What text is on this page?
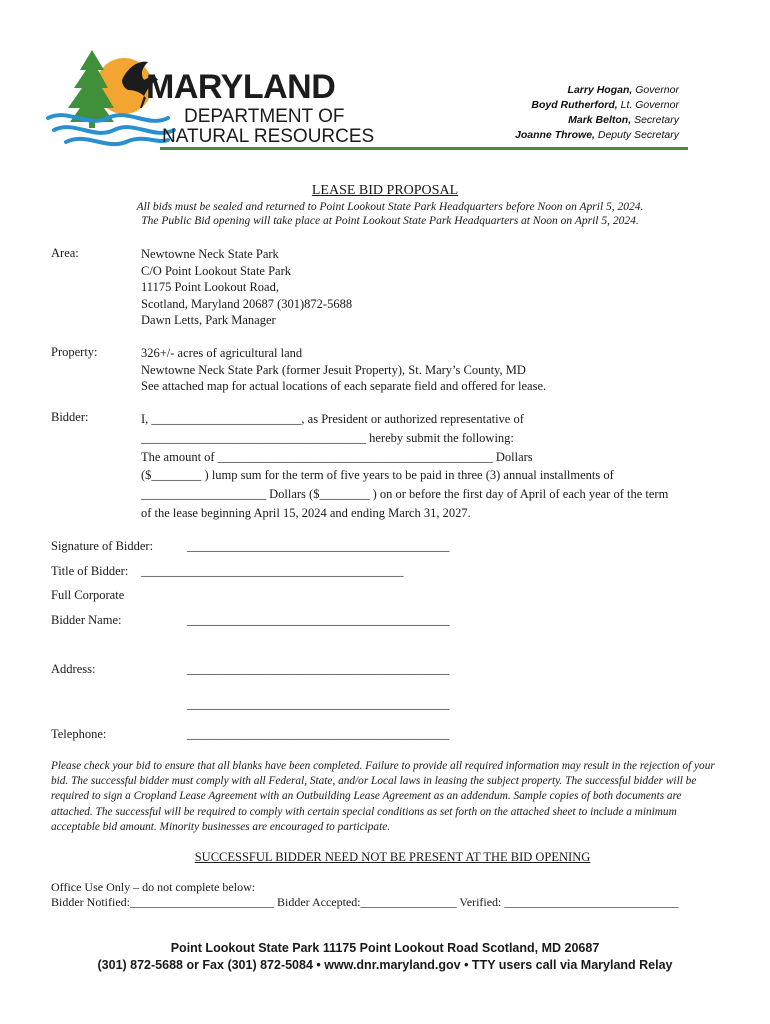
MARYLAND
DEPARTMENT OF
NATURAL RESOURCES
Larry Hogan, Governor
Boyd Rutherford, Lt. Governor
Mark Belton, Secretary
Joanne Throwe, Deputy Secretary
LEASE BID PROPOSAL
All bids must be sealed and returned to Point Lookout State Park Headquarters before Noon on April 5, 2024.
The Public Bid opening will take place at Point Lookout State Park Headquarters at Noon on April 5, 2024.
Area:	Newtowne Neck State Park
C/O Point Lookout State Park
11175 Point Lookout Road,
Scotland, Maryland 20687 (301)872-5688
Dawn Letts, Park Manager
Property:	326+/- acres of agricultural land
Newtowne Neck State Park (former Jesuit Property), St. Mary’s County, MD
See attached map for actual locations of each separate field and offered for lease.
Bidder:	I, ________________________, as President or authorized representative of
____________________________________ hereby submit the following:
The amount of ____________________________________________ Dollars
($________ ) lump sum for the term of five years to be paid in three (3) annual installments of
____________________ Dollars ($________ ) on or before the first day of April of each year of the term
of the lease beginning April 15, 2024 and ending March 31, 2027.
Signature of Bidder:	__________________________________________
Title of Bidder: __________________________________________
Full Corporate
Bidder Name:	__________________________________________
Address:	__________________________________________
__________________________________________
Telephone:	__________________________________________
Please check your bid to ensure that all blanks have been completed. Failure to provide all required information may result in the rejection of your bid. The successful bidder must comply with all Federal, State, and/or Local laws in leasing the subject property. The successful bidder will be required to sign a Cropland Lease Agreement with an Outbuilding Lease Agreement as an addendum. Sample copies of both documents are attached. The successful will be required to comply with certain special conditions as set forth on the attached sheet to include a minimum acceptable bid amount. Minority businesses are encouraged to participate.
SUCCESSFUL BIDDER NEED NOT BE PRESENT AT THE BID OPENING
Office Use Only – do not complete below:
Bidder Notified:________________________ Bidder Accepted:________________ Verified: _____________________________
Point Lookout State Park 11175 Point Lookout Road Scotland, MD 20687
(301) 872-5688 or Fax (301) 872-5084 • www.dnr.maryland.gov • TTY users call via Maryland Relay
